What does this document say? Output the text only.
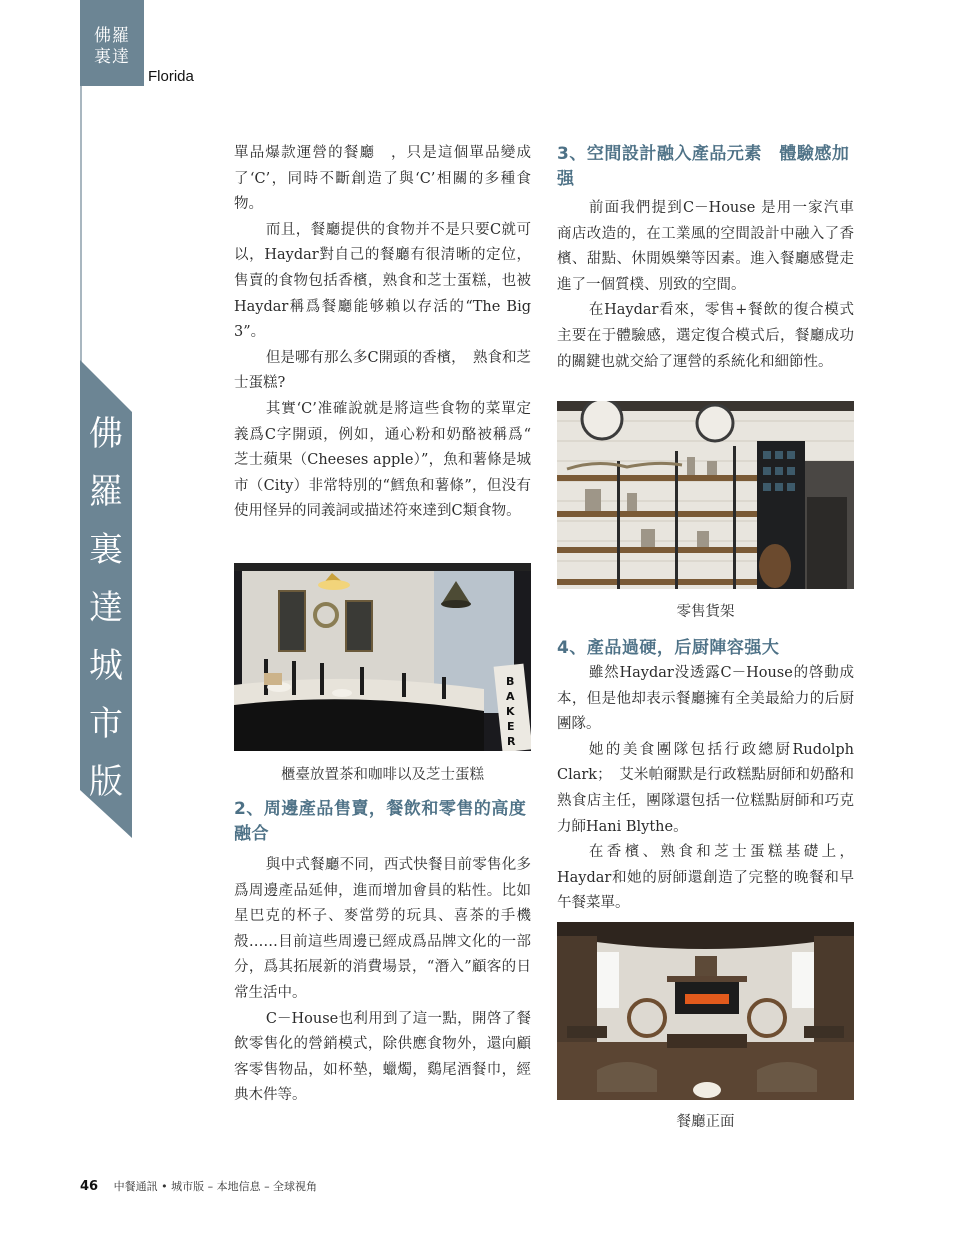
佛羅
裏達
Florida
佛
羅
裏
達
城
市
版

單品爆款運營的餐廳　，只是這個單品變成了‘C’，同時不斷創造了與‘C’相關的多種食物。

而且，餐廳提供的食物并不是只要C就可以，Haydar對自己的餐廳有很清晰的定位，售賣的食物包括香檳，熟食和芝士蛋糕，也被Haydar稱爲餐廳能够賴以存活的“The Big 3”。

但是哪有那么多C開頭的香檳，　熟食和芝士蛋糕?

其實‘C’准確說就是將這些食物的菜單定義爲C字開頭，例如，通心粉和奶酪被稱爲“ 芝士蘋果（Cheeses apple）”，魚和薯條是城市（City）非常特別的“鱈魚和薯條”，但没有使用怪异的同義詞或描述符來達到C類食物。

B
A
K
E
R
櫃臺放置茶和咖啡以及芝士蛋糕
2、周邊產品售賣，餐飲和零售的高度融合

與中式餐廳不同，西式快餐目前零售化多爲周邊產品延伸，進而增加會員的粘性。比如星巴克的杯子、麥當勞的玩具、喜茶的手機殼……目前這些周邊已經成爲品牌文化的一部分，爲其拓展新的消費場景，“潛入”顧客的日常生活中。

C－House也利用到了這一點，開啓了餐飲零售化的營銷模式，除供應食物外，還向顧客零售物品，如杯墊，蠟燭，鷄尾酒餐巾，經典木件等。

3、空間設計融入產品元素　體驗感加强

前面我們提到C－House 是用一家汽車商店改造的，在工業風的空間設計中融入了香檳、甜點、休閒娛樂等因素。進入餐廳感覺走進了一個質樸、別致的空間。

在Haydar看來，零售+餐飲的復合模式主要在于體驗感，選定復合模式后，餐廳成功的關鍵也就交給了運營的系統化和細節性。

零售貨架
4、產品過硬，后厨陣容强大

雖然Haydar没透露C－House的啓動成本，但是他却表示餐廳擁有全美最給力的后厨團隊。

她的美食團隊包括行政總厨Rudolph Clark；　艾米帕爾默是行政糕點厨師和奶酪和熟食店主任，團隊還包括一位糕點厨師和巧克力師Hani Blythe。

在香檳、熟食和芝士蛋糕基礎上，Haydar和她的厨師還創造了完整的晚餐和早午餐菜單。

餐廳正面
46 中餐通訊 • 城市版 – 本地信息 – 全球視角
